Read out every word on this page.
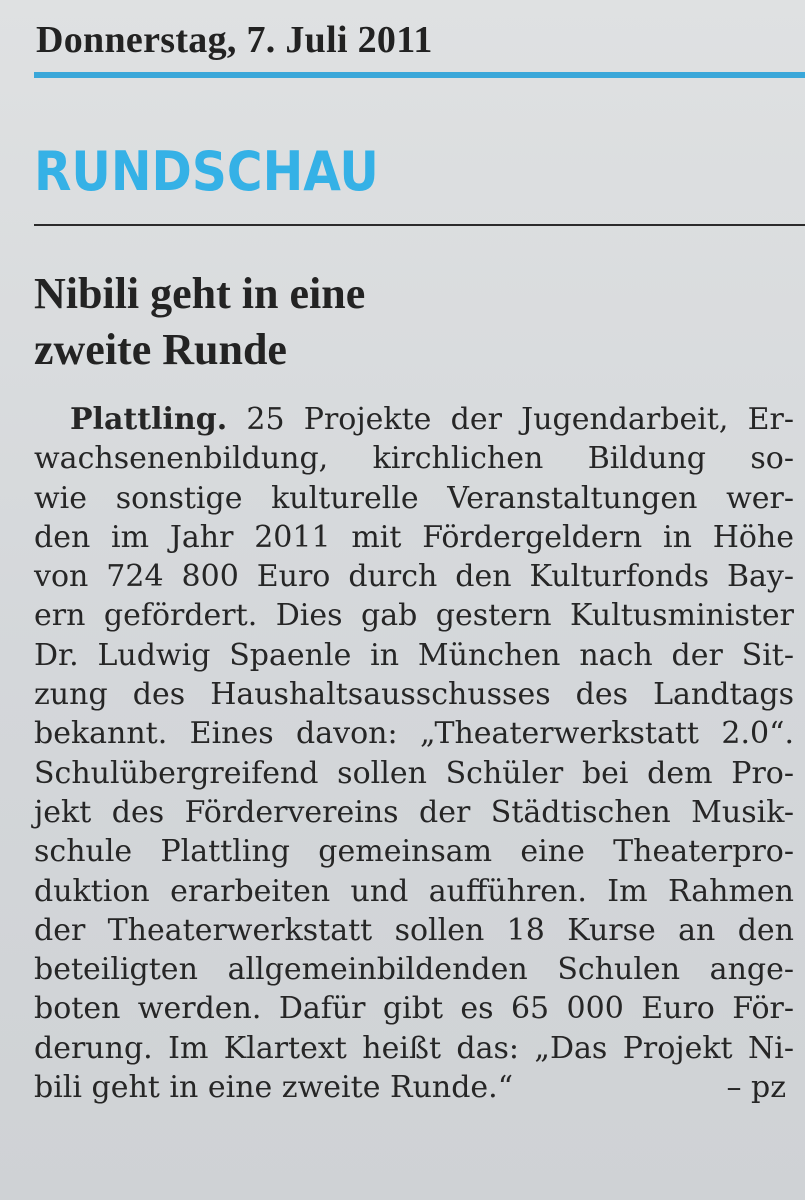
Donnerstag, 7. Juli 2011
RUNDSCHAU
Nibili geht in eine
zweite Runde
Plattling. 25 Projekte der Jugendarbeit, Er-
wachsenenbildung, kirchlichen Bildung so-
wie sonstige kulturelle Veranstaltungen wer-
den im Jahr 2011 mit Fördergeldern in Höhe
von 724 800 Euro durch den Kulturfonds Bay-
ern gefördert. Dies gab gestern Kultusminister
Dr. Ludwig Spaenle in München nach der Sit-
zung des Haushaltsausschusses des Landtags
bekannt. Eines davon: „Theaterwerkstatt 2.0“.
Schulübergreifend sollen Schüler bei dem Pro-
jekt des Fördervereins der Städtischen Musik-
schule Plattling gemeinsam eine Theaterpro-
duktion erarbeiten und aufführen. Im Rahmen
der Theaterwerkstatt sollen 18 Kurse an den
beteiligten allgemeinbildenden Schulen ange-
boten werden. Dafür gibt es 65 000 Euro För-
derung. Im Klartext heißt das: „Das Projekt Ni-
bili geht in eine zweite Runde.“	– pz
